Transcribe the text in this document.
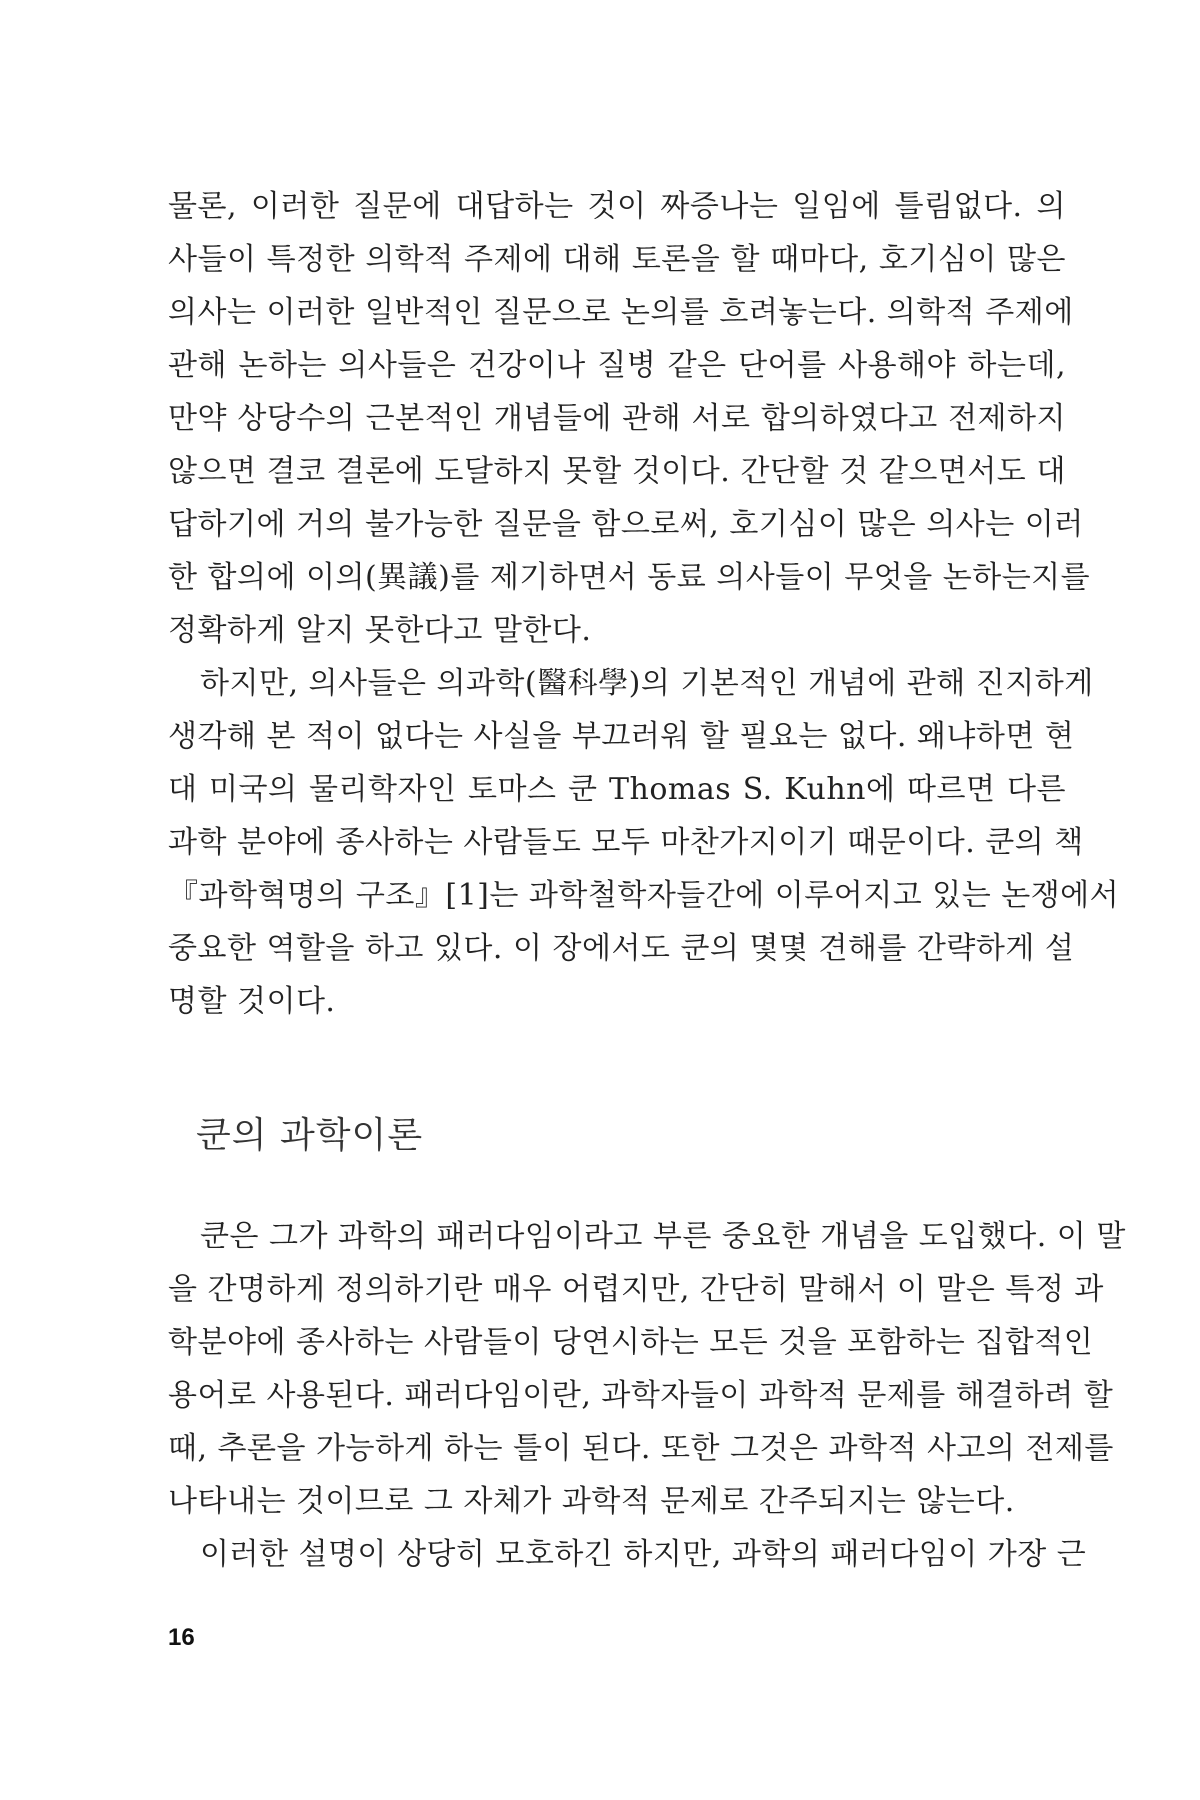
물론, 이러한 질문에 대답하는 것이 짜증나는 일임에 틀림없다. 의
사들이 특정한 의학적 주제에 대해 토론을 할 때마다, 호기심이 많은
의사는 이러한 일반적인 질문으로 논의를 흐려놓는다. 의학적 주제에
관해 논하는 의사들은 건강이나 질병 같은 단어를 사용해야 하는데,
만약 상당수의 근본적인 개념들에 관해 서로 합의하였다고 전제하지
않으면 결코 결론에 도달하지 못할 것이다. 간단할 것 같으면서도 대
답하기에 거의 불가능한 질문을 함으로써, 호기심이 많은 의사는 이러
한 합의에 이의(異議)를 제기하면서 동료 의사들이 무엇을 논하는지를
정확하게 알지 못한다고 말한다.
하지만, 의사들은 의과학(醫科學)의 기본적인 개념에 관해 진지하게
생각해 본 적이 없다는 사실을 부끄러워 할 필요는 없다. 왜냐하면 현
대 미국의 물리학자인 토마스 쿤 Thomas S. Kuhn에 따르면 다른
과학 분야에 종사하는 사람들도 모두 마찬가지이기 때문이다. 쿤의 책
『과학혁명의 구조』[1]는 과학철학자들간에 이루어지고 있는 논쟁에서
중요한 역할을 하고 있다. 이 장에서도 쿤의 몇몇 견해를 간략하게 설
명할 것이다.
쿤의 과학이론
쿤은 그가 과학의 패러다임이라고 부른 중요한 개념을 도입했다. 이 말
을 간명하게 정의하기란 매우 어렵지만, 간단히 말해서 이 말은 특정 과
학분야에 종사하는 사람들이 당연시하는 모든 것을 포함하는 집합적인
용어로 사용된다. 패러다임이란, 과학자들이 과학적 문제를 해결하려 할
때, 추론을 가능하게 하는 틀이 된다. 또한 그것은 과학적 사고의 전제를
나타내는 것이므로 그 자체가 과학적 문제로 간주되지는 않는다.
이러한 설명이 상당히 모호하긴 하지만, 과학의 패러다임이 가장 근
16
